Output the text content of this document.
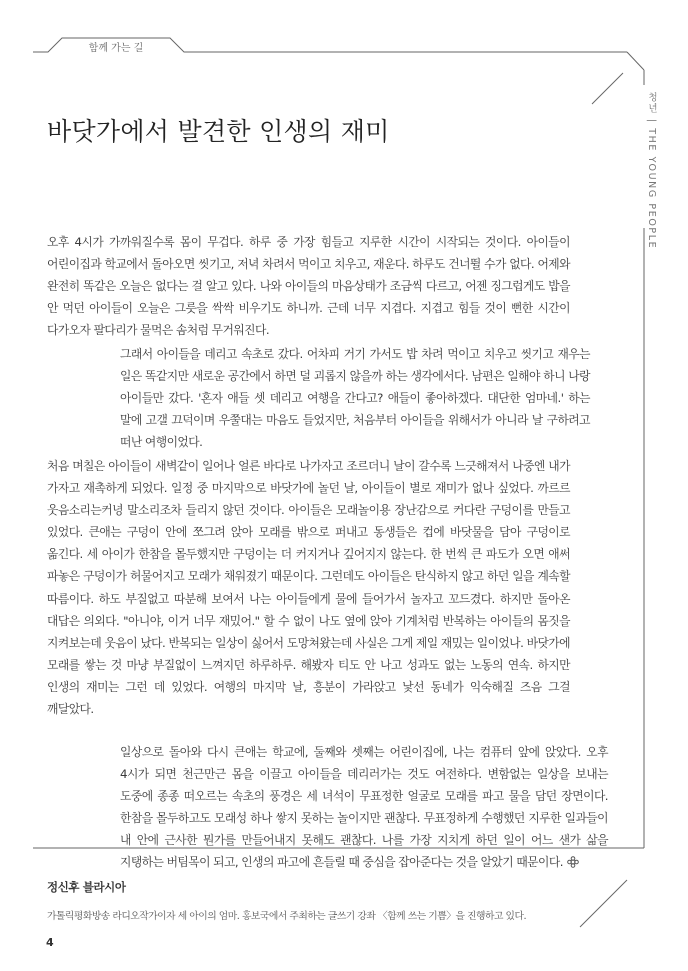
함께 가는 길
청년 | THE YOUNG PEOPLE
바닷가에서 발견한 인생의 재미

오후 4시가 가까워질수록 몸이 무겁다. 하루 중 가장 힘들고 지루한 시간이 시작되는 것이다. 아이들이 어린이집과 학교에서 돌아오면 씻기고, 저녁 차려서 먹이고 치우고, 재운다. 하루도 건너뛸 수가 없다. 어제와 완전히 똑같은 오늘은 없다는 걸 알고 있다. 나와 아이들의 마음상태가 조금씩 다르고, 어젠 징그럽게도 밥을 안 먹던 아이들이 오늘은 그릇을 싹싹 비우기도 하니까. 근데 너무 지겹다. 지겹고 힘들 것이 뻔한 시간이 다가오자 팔다리가 물먹은 솜처럼 무거워진다.

그래서 아이들을 데리고 속초로 갔다. 어차피 거기 가서도 밥 차려 먹이고 치우고 씻기고 재우는 일은 똑같지만 새로운 공간에서 하면 덜 괴롭지 않을까 하는 생각에서다. 남편은 일해야 하니 나랑 아이들만 갔다. '혼자 애들 셋 데리고 여행을 간다고? 애들이 좋아하겠다. 대단한 엄마네.' 하는 말에 고갤 끄덕이며 우쭐대는 마음도 들었지만, 처음부터 아이들을 위해서가 아니라 날 구하려고 떠난 여행이었다.

처음 며칠은 아이들이 새벽같이 일어나 얼른 바다로 나가자고 조르더니 날이 갈수록 느긋해져서 나중엔 내가 가자고 재촉하게 되었다. 일정 중 마지막으로 바닷가에 놀던 날, 아이들이 별로 재미가 없나 싶었다. 까르르 웃음소리는커녕 말소리조차 들리지 않던 것이다. 아이들은 모래놀이용 장난감으로 커다란 구덩이를 만들고 있었다. 큰애는 구덩이 안에 쪼그려 앉아 모래를 밖으로 퍼내고 동생들은 컵에 바닷물을 담아 구덩이로 옮긴다. 세 아이가 한참을 몰두했지만 구덩이는 더 커지거나 깊어지지 않는다. 한 번씩 큰 파도가 오면 애써 파놓은 구덩이가 허물어지고 모래가 채워졌기 때문이다. 그런데도 아이들은 탄식하지 않고 하던 일을 계속할 따름이다. 하도 부질없고 따분해 보여서 나는 아이들에게 물에 들어가서 놀자고 꼬드겼다. 하지만 돌아온 대답은 의외다. "아니야, 이거 너무 재밌어." 할 수 없이 나도 옆에 앉아 기계처럼 반복하는 아이들의 몸짓을 지켜보는데 웃음이 났다. 반복되는 일상이 싫어서 도망쳐왔는데 사실은 그게 제일 재밌는 일이었나. 바닷가에 모래를 쌓는 것 마냥 부질없이 느껴지던 하루하루. 해봤자 티도 안 나고 성과도 없는 노동의 연속. 하지만 인생의 재미는 그런 데 있었다. 여행의 마지막 날, 흥분이 가라앉고 낯선 동네가 익숙해질 즈음 그걸 깨달았다.

일상으로 돌아와 다시 큰애는 학교에, 둘째와 셋째는 어린이집에, 나는 컴퓨터 앞에 앉았다. 오후 4시가 되면 천근만근 몸을 이끌고 아이들을 데리러가는 것도 여전하다. 변함없는 일상을 보내는 도중에 종종 떠오르는 속초의 풍경은 세 녀석이 무표정한 얼굴로 모래를 파고 물을 담던 장면이다. 한참을 몰두하고도 모래성 하나 쌓지 못하는 놀이지만 괜찮다. 무표정하게 수행했던 지루한 일과들이 내 안에 근사한 뭔가를 만들어내지 못해도 괜찮다. 나를 가장 지치게 하던 일이 어느 샌가 삶을 지탱하는 버팀목이 되고, 인생의 파고에 흔들릴 때 중심을 잡아준다는 것을 알았기 때문이다.

정신후 블라시아
가톨릭평화방송 라디오작가이자 세 아이의 엄마. 홍보국에서 주최하는 글쓰기 강좌 〈함께 쓰는 기쁨〉을 진행하고 있다.
4
